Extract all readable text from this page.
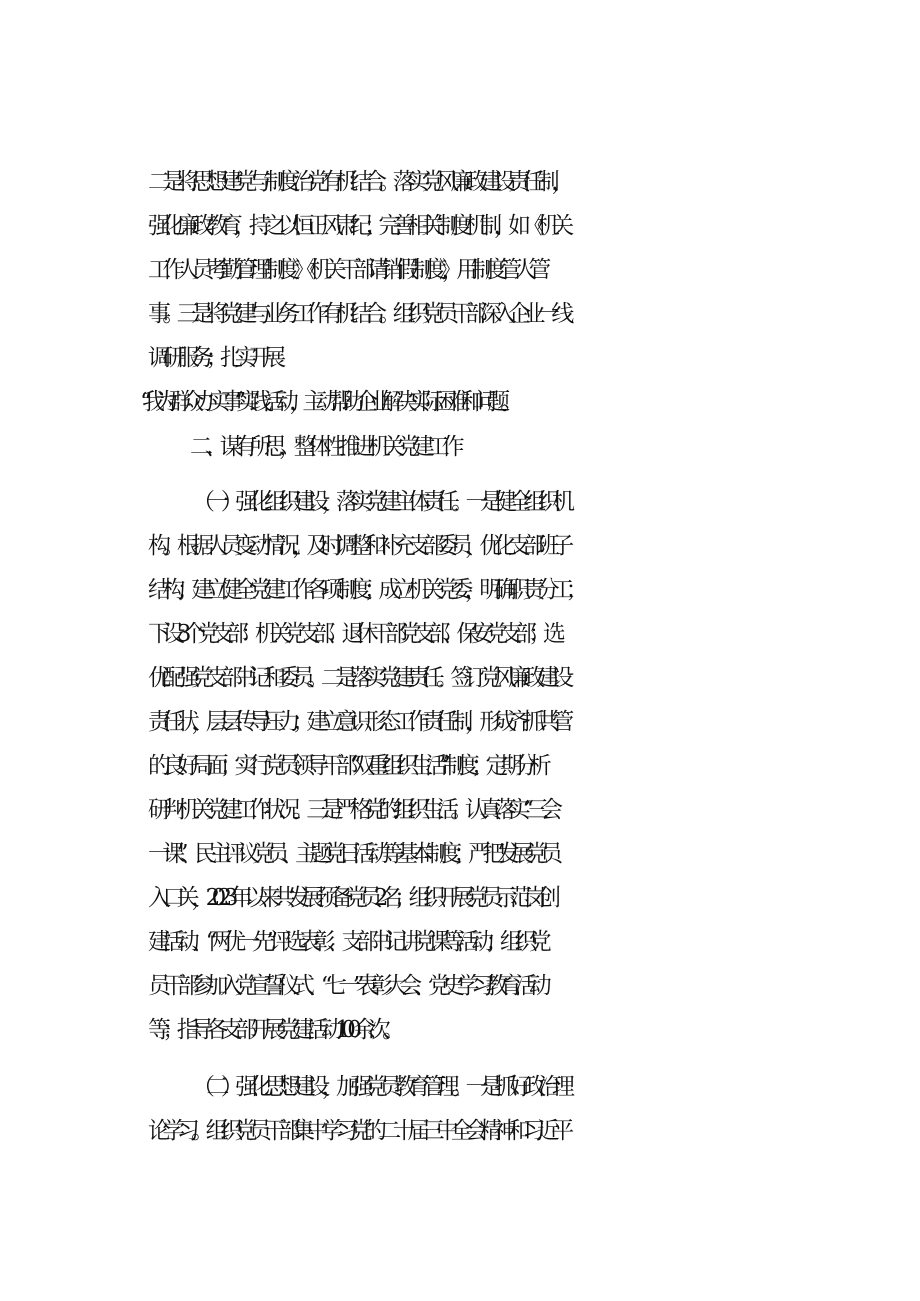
二是将思想建党与制度治党有机结合。落实党风廉政建设责任制，
强化廉政教育，持之以恒正风肃纪；完善相关制度机制，如《机关
工作人员考勤管理制度》《机关干部请销假制度》，用制度管人管
事。三是将党建与业务工作有机结合。组织党员干部深入企业一线
调研服务；扎实开展
“我为群众办实事”实践活动，主动帮助企业解决实际困难和问题。
二、谋有所思，整体性推进机关党建工作
（一）强化组织建设，落实党建主体责任。一是健全组织机
构。根据人员变动情况，及时调整和补充支部委员，优化支部班子
结构；建立健全党建工作各项制度；成立机关党委，明确职责分工；
下设3个党支部：机关党支部、退休干部党支部、保安党支部；选
优配强党支部书记和委员。二是落实党建责任。签订党风廉政建设
责任状，层层传导压力；建立意识形态工作责任制，形成齐抓共管
的良好局面；实行党员领导干部“双重组织生活”制度；定期分析
研判机关党建工作状况。三是严格党的组织生活。认真落实“三会
一课”、民主评议党员、主题党日活动等基本制度；严把发展党员
入口关，2023年以来共发展预备党员2名；组织开展党员示范岗创
建活动、“两优一先”评选表彰、支部书记讲党课等活动；组织党
员干部参加入党宣誓仪式、“七一”表彰大会、党史学习教育活动
等；指导各支部开展党建活动100余次。
（二）强化思想建设，加强党员教育管理。一是抓好政治理
论学习。组织党员干部集中学习党的二十届三中全会精神和习近平
